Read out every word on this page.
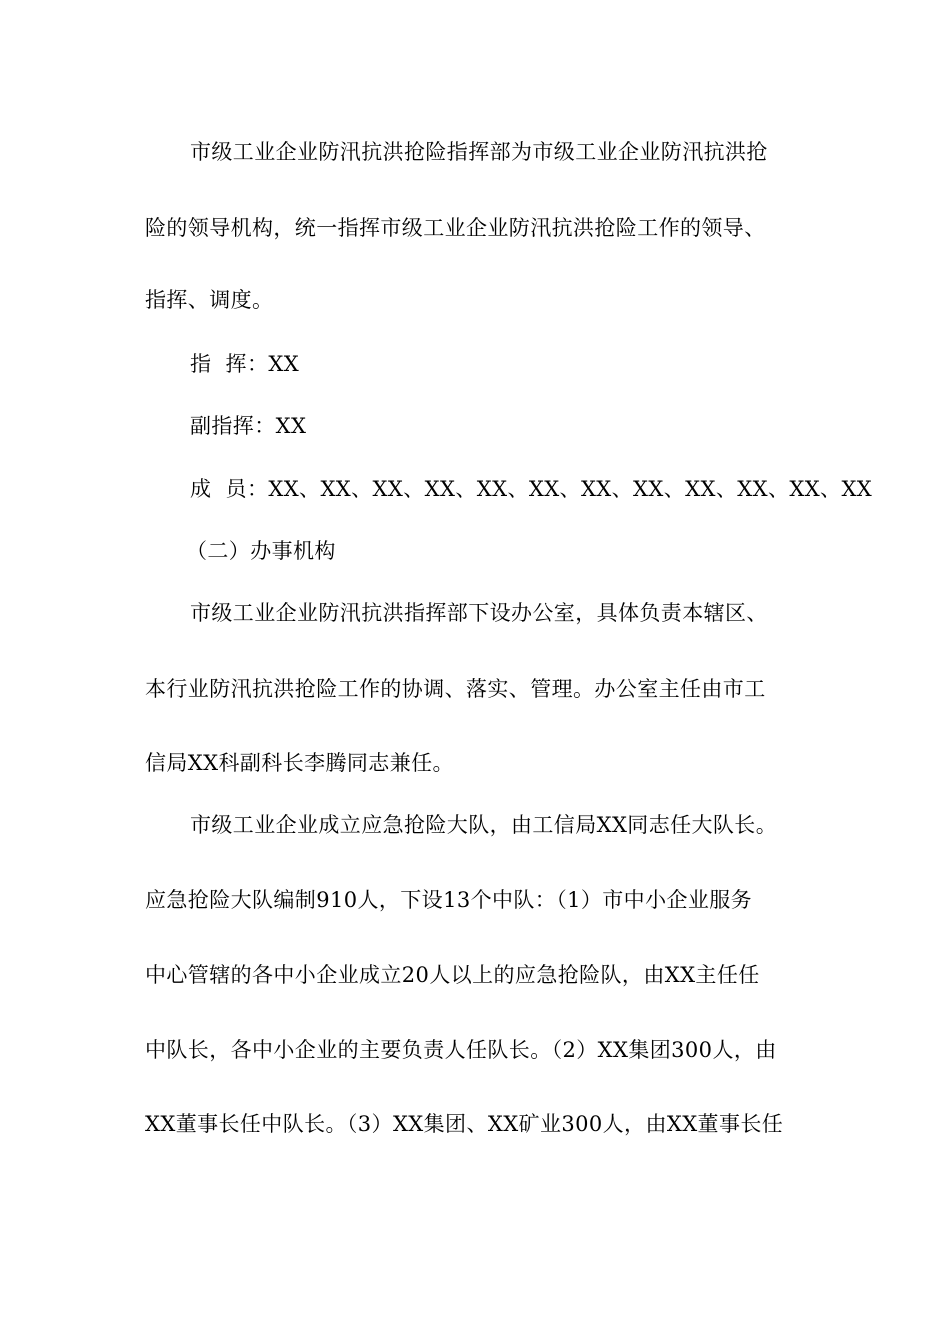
市级工业企业防汛抗洪抢险指挥部为市级工业企业防汛抗洪抢

险的领导机构，统一指挥市级工业企业防汛抗洪抢险工作的领导、

指挥、调度。

指  挥：XX

副指挥：XX

成  员：XX、XX、XX、XX、XX、XX、XX、XX、XX、XX、XX、XX

（二）办事机构

市级工业企业防汛抗洪指挥部下设办公室，具体负责本辖区、

本行业防汛抗洪抢险工作的协调、落实、管理。办公室主任由市工

信局XX科副科长李腾同志兼任。

市级工业企业成立应急抢险大队，由工信局XX同志任大队长。

应急抢险大队编制910人，下设13个中队：（1）市中小企业服务

中心管辖的各中小企业成立20人以上的应急抢险队，由XX主任任

中队长，各中小企业的主要负责人任队长。（2）XX集团300人，由

XX董事长任中队长。（3）XX集团、XX矿业300人，由XX董事长任
